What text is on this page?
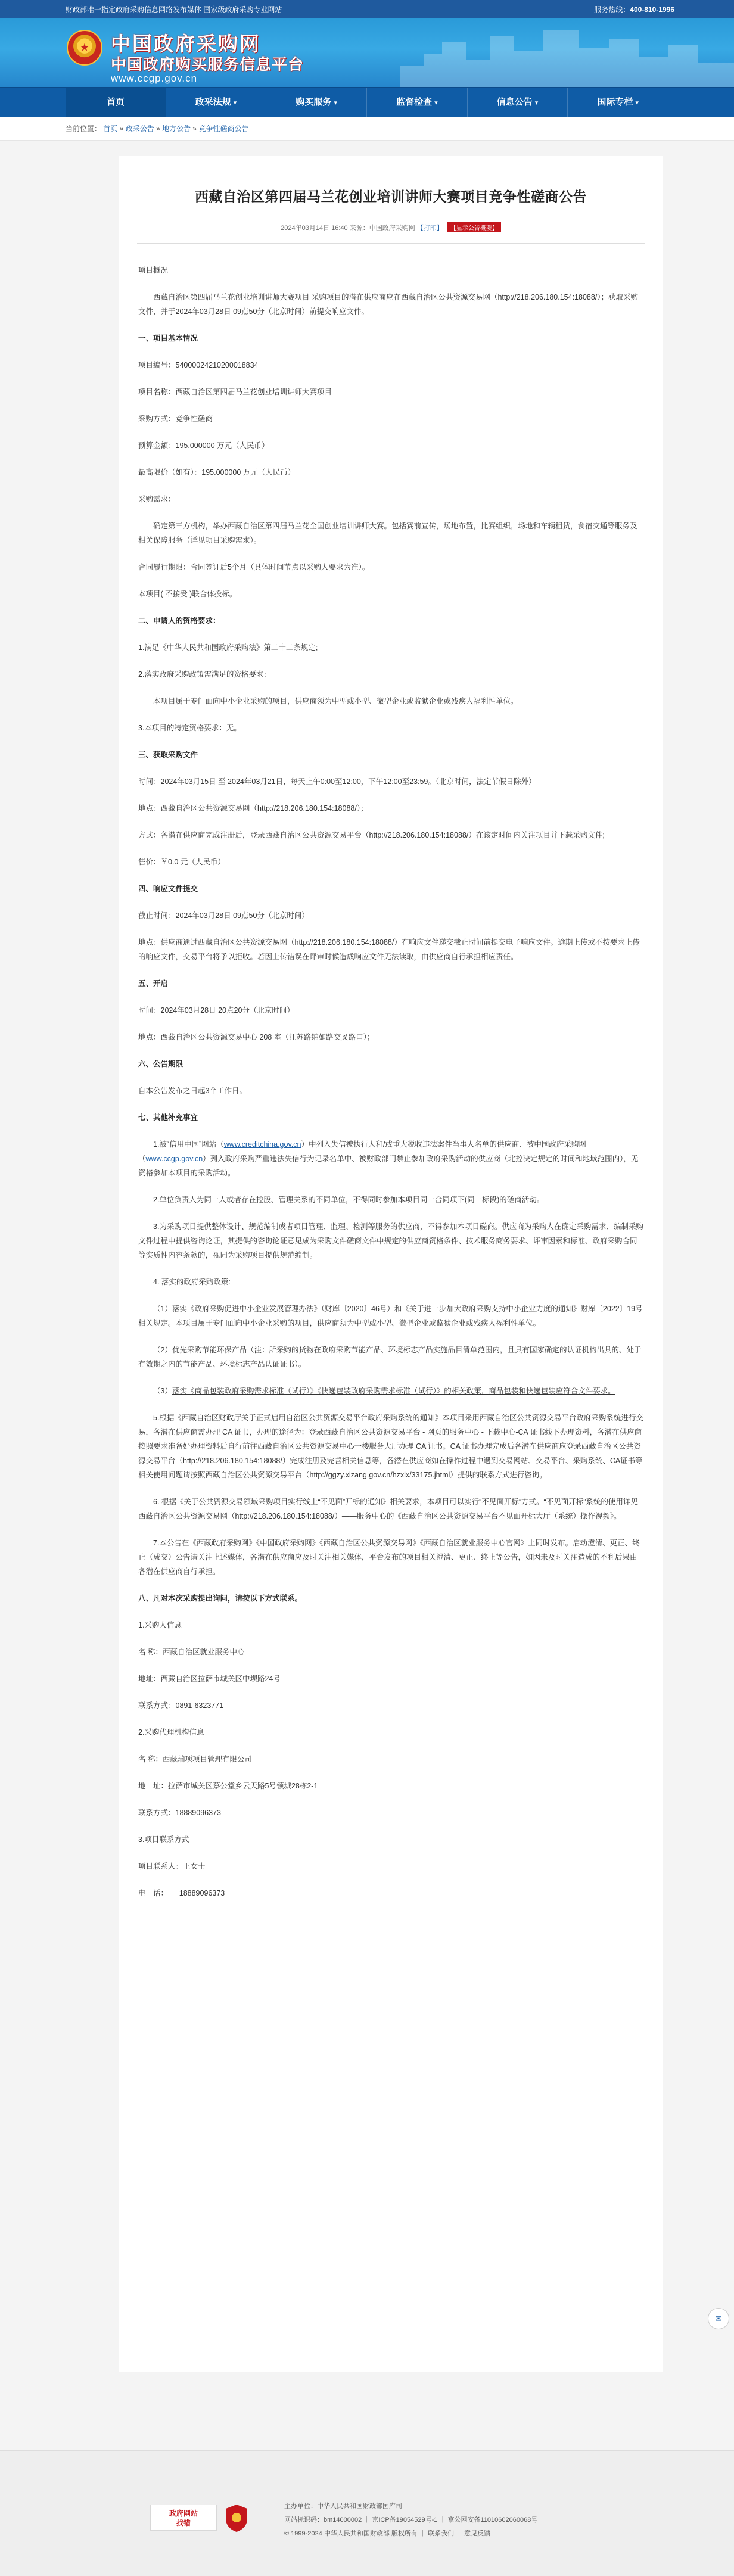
财政部唯一指定政府采购信息网络发布媒体 国家级政府采购专业网站	服务热线：400-810-1996
★ 中国政府采购网
中国政府购买服务信息平台
www.ccgp.gov.cn
首页	政采法规 ▾	购买服务 ▾	监督检查 ▾	信息公告 ▾	国际专栏 ▾
当前位置： 首页 » 政采公告 » 地方公告 » 竞争性磋商公告
西藏自治区第四届马兰花创业培训讲师大赛项目竞争性磋商公告
2024年03月14日 16:40 来源：中国政府采购网 【打印】 【显示公告概要】

项目概况

西藏自治区第四届马兰花创业培训讲师大赛项目 采购项目的潜在供应商应在西藏自治区公共资源交易网（http://218.206.180.154:18088/）；获取采购文件，并于2024年03月28日 09点50分（北京时间）前提交响应文件。

一、项目基本情况

项目编号：5400002421020001883​4

项目名称：西藏自治区第四届马兰花创业培训讲师大赛项目

采购方式：竞争性磋商

预算金额：195.000000 万元（人民币）

最高限价（如有）：195.000000 万元（人民币）

采购需求：

确定第三方机构，举办西藏自治区第四届马兰花全国创业培训讲师大赛。包括赛前宣传，场地布置，比赛组织，场地和车辆租赁，食宿交通等服务及相关保障服务（详见项目采购需求）。

合同履行期限：合同签订后5个月（具体时间节点以采购人要求为准）。

本项目( 不接受 )联合体投标。

二、申请人的资格要求：

1.满足《中华人民共和国政府采购法》第二十二条规定;

2.落实政府采购政策需满足的资格要求：

本项目属于专门面向中小企业采购的项目，供应商须为中型或小型、微型企业或监狱企业或残疾人福利性单位。

3.本项目的特定资格要求：无。

三、获取采购文件

时间：2024年03月15日 至 2024年03月21日，每天上午0:00至12:00，下午12:00至23:59。（北京时间，法定节假日除外）

地点：西藏自治区公共资源交易网（http://218.206.180.154:18088/）；

方式：各潜在供应商完成注册后，登录西藏自治区公共资源交易平台（http://218.206.180.154:18088/）在该定时间内关注项目并下载采购文件;

售价：￥0.0 元（人民币）

四、响应文件提交

截止时间：2024年03月28日 09点50分（北京时间）

地点：供应商通过西藏自治区公共资源交易网（http://218.206.180.154:18088/）在响应文件递交截止时间前提交电子响应文件。逾期上传或不按要求上传的响应文件，交易平台将予以拒收。若因上传错误在评审时候造成响应文件无法读取，由供应商自行承担相应责任。

五、开启

时间：2024年03月28日 20点20分（北京时间）

地点：西藏自治区公共资源交易中心 208 室（江苏路纳如路交叉路口）；

六、公告期限

自本公告发布之日起3个工作日。

七、其他补充事宜

1.被“信用中国”网站（www.creditchina.gov.cn）中列入失信被执行人和/或重大税收违法案件当事人名单的供应商、被中国政府采购网（www.ccgp.gov.cn）列入政府采购严重违法失信行为记录名单中、被财政部门禁止参加政府采购活动的供应商（北控决定规定的时间和地域范围内），无资格参加本项目的采购活动。

2.单位负责人为同一人或者存在控股、管理关系的不同单位，不得同时参加本项目同一合同项下(同一标段)的磋商活动。

3.为采购项目提供整体设计、规范编制或者项目管理、监理、检测等服务的供应商，不得参加本项目磋商。供应商为采购人在确定采购需求、编制采购文件过程中提供咨询论证，其提供的咨询论证意见成为采购文件磋商文件中规定的供应商资格条件、技术服务商务要求、评审因素和标准、政府采购合同等实质性内容条款的，视同为采购项目提供规范编制。

4. 落实的政府采购政策:

（1）落实《政府采购促进中小企业发展管理办法》（财库〔2020〕46号）和《关于进一步加大政府采购支持中小企业力度的通知》财库〔2022〕19号相关规定。本项目属于专门面向中小企业采购的项目，供应商须为中型或小型、微型企业或监狱企业或残疾人福利性单位。

（2）优先采购节能环保产品（注：所采购的货物在政府采购节能产品、环境标志产品实施品目清单范围内，且具有国家确定的认证机构出具的、处于有效期之内的节能产品、环境标志产品认证证书）。

（3）落实《商品包装政府采购需求标准（试行）》《快递包装政府采购需求标准（试行）》的相关政策，商品包装和快递包装应符合文件要求。

5.根据《西藏自治区财政厅关于正式启用自治区公共资源交易平台政府采购系统的通知》本项目采用西藏自治区公共资源交易平台政府采购系统进行交易，各潜在供应商需办理 CA 证书，办理的途径为：登录西藏自治区公共资源交易平台 - 网页的服务中心 - 下载中心-CA 证书线下办理资料，各潜在供应商按照要求准备好办理资料后自行前往西藏自治区公共资源交易中心一楼服务大厅办理 CA 证书。CA 证书办理完成后各潜在供应商应登录西藏自治区公共资源交易平台（http://218.206.180.154:18088/）完成注册及完善相关信息等，各潜在供应商如在操作过程中遇到交易网站、交易平台、采购系统、CA证书等相关使用问题请按照西藏自治区公共资源交易平台（http://ggzy.xizang.gov.cn/hzxlx/33175.jhtml）提供的联系方式进行咨询。

6. 根据《关于公共资源交易领域采购项目实行线上“不见面”开标的通知》相关要求，本项目可以实行“不见面开标”方式。“不见面开标”系统的使用详见西藏自治区公共资源交易网（http://218.206.180.154:18088/）——服务中心的《西藏自治区公共资源交易平台不见面开标大厅（系统）操作视频》。

7.本公告在《西藏政府采购网》《中国政府采购网》《西藏自治区公共资源交易网》《西藏自治区就业服务中心官网》上同时发布。启动澄清、更正、终止（成交）公告请关注上述媒体，各潜在供应商应及时关注相关媒体，平台发布的项目相关澄清、更正、终止等公告，如因未及时关注造成的不利后果由各潜在供应商自行承担。

八、凡对本次采购提出询问，请按以下方式联系。

1.采购人信息

名 称：西藏自治区就业服务中心

地址：西藏自治区拉萨市城关区中坝路24号

联系方式：0891-6323771

2.采购代理机构信息

名 称：西藏瑞项项目管理有限公司

地　址：拉萨市城关区蔡公堂乡云天路5号领城28栋2-1

联系方式：18889096373

3.项目联系方式

项目联系人：王女士

电　话：　　18889096373

✉
政府网站
找错
主办单位：中华人民共和国财政部国库司
网站标识码：bm14000002 ｜ 京ICP备19054529号-1 ｜ 京公网安备11010602060068号
© 1999-2024 中华人民共和国财政部 版权所有 ｜ 联系我们 ｜ 意见反馈
